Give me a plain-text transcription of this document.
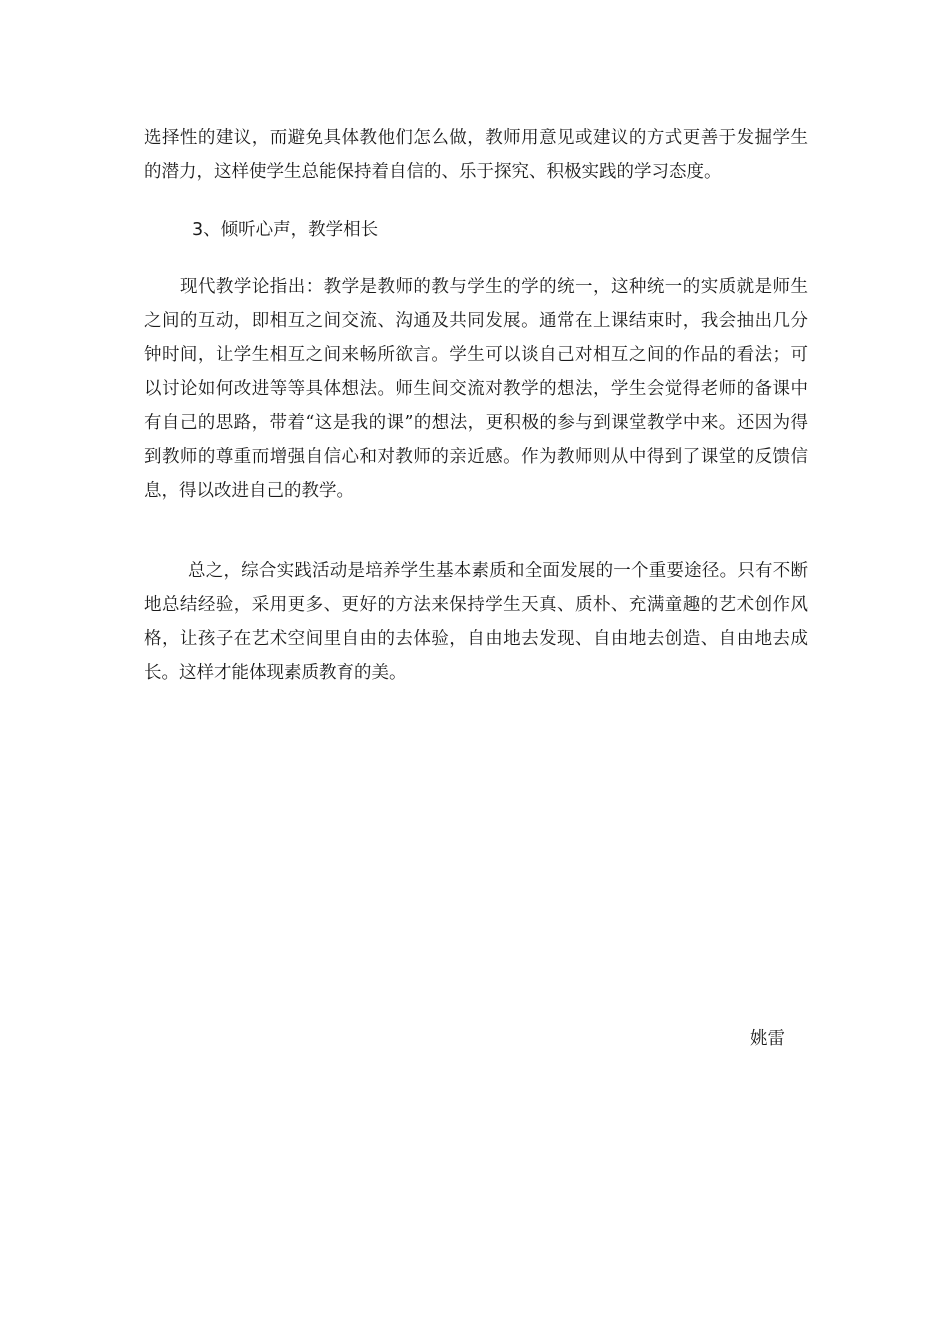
选择性的建议，而避免具体教他们怎么做，教师用意见或建议的方式更善于发掘学生的潜力，这样使学生总能保持着自信的、乐于探究、积极实践的学习态度。

3、倾听心声，教学相长

现代教学论指出：教学是教师的教与学生的学的统一，这种统一的实质就是师生之间的互动，即相互之间交流、沟通及共同发展。通常在上课结束时，我会抽出几分钟时间，让学生相互之间来畅所欲言。学生可以谈自己对相互之间的作品的看法；可以讨论如何改进等等具体想法。师生间交流对教学的想法，学生会觉得老师的备课中有自己的思路，带着“这是我的课”的想法，更积极的参与到课堂教学中来。还因为得到教师的尊重而增强自信心和对教师的亲近感。作为教师则从中得到了课堂的反馈信息，得以改进自己的教学。

总之，综合实践活动是培养学生基本素质和全面发展的一个重要途径。只有不断地总结经验，采用更多、更好的方法来保持学生天真、质朴、充满童趣的艺术创作风格，让孩子在艺术空间里自由的去体验，自由地去发现、自由地去创造、自由地去成长。这样才能体现素质教育的美。

姚雷
